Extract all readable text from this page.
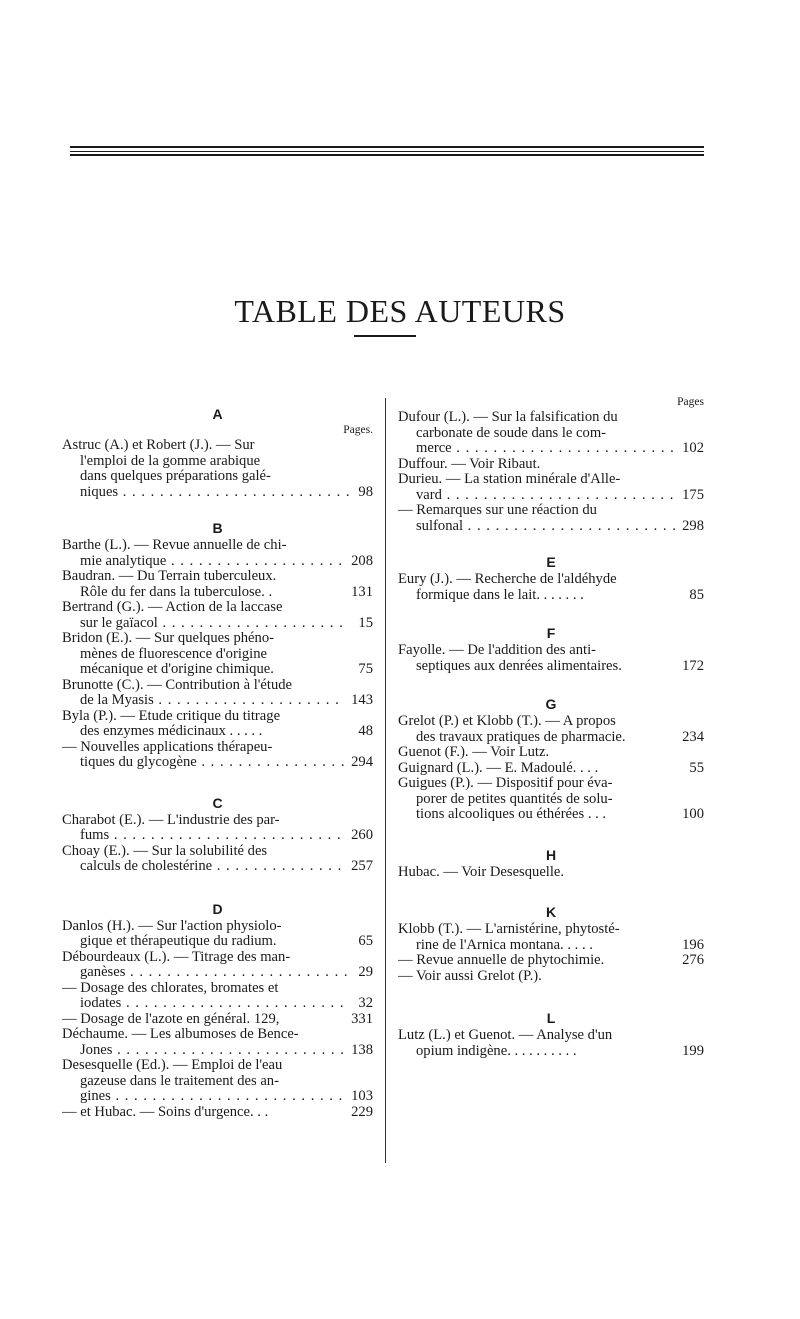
TABLE DES AUTEURS
A
Pages.
Astruc (A.) et Robert (J.). — Sur
l'emploi de la gomme arabique
dans quelques préparations galé-
niques . . .	98
B
Barthe (L.). — Revue annuelle de chi-
mie analytique . . .	208
Baudran. — Du Terrain tuberculeux.
Rôle du fer dans la tuberculose. .	131
Bertrand (G.). — Action de la laccase
sur le gaïacol . . .	15
Bridon (E.). — Sur quelques phéno-
mènes de fluorescence d'origine
mécanique et d'origine chimique.	75
Brunotte (C.). — Contribution à l'étude
de la Myasis . . .	143
Byla (P.). — Etude critique du titrage
des enzymes médicinaux . . . . .	48
— Nouvelles applications thérapeu-
tiques du glycogène . . .	294
C
Charabot (E.). — L'industrie des par-
fums . . .	260
Choay (E.). — Sur la solubilité des
calculs de cholestérine . . .	257
D
Danlos (H.). — Sur l'action physiolo-
gique et thérapeutique du radium.	65
Débourdeaux (L.). — Titrage des man-
ganèses . . .	29
— Dosage des chlorates, bromates et
iodates . . .	32
— Dosage de l'azote en général. 129,	331
Déchaume. — Les albumoses de Bence-
Jones . . .	138
Desesquelle (Ed.). — Emploi de l'eau
gazeuse dans le traitement des an-
gines . . .	103
— et Hubac. — Soins d'urgence. . .	229
Pages
Dufour (L.). — Sur la falsification du
carbonate de soude dans le com-
merce . . .	102
Duffour. — Voir Ribaut.
Durieu. — La station minérale d'Alle-
vard . . .	175
— Remarques sur une réaction du
sulfonal . . .	298
E
Eury (J.). — Recherche de l'aldéhyde
formique dans le lait. . . . . . .	85
F
Fayolle. — De l'addition des anti-
septiques aux denrées alimentaires.	172
G
Grelot (P.) et Klobb (T.). — A propos
des travaux pratiques de pharmacie.	234
Guenot (F.). — Voir Lutz.
Guignard (L.). — E. Madoulé. . . .	55
Guigues (P.). — Dispositif pour éva-
porer de petites quantités de solu-
tions alcooliques ou éthérées . . .	100
H
Hubac. — Voir Desesquelle.
K
Klobb (T.). — L'arnistérine, phytosté-
rine de l'Arnica montana. . . . .	196
— Revue annuelle de phytochimie.	276
— Voir aussi Grelot (P.).
L
Lutz (L.) et Guenot. — Analyse d'un
opium indigène. . . . . . . . . .	199
